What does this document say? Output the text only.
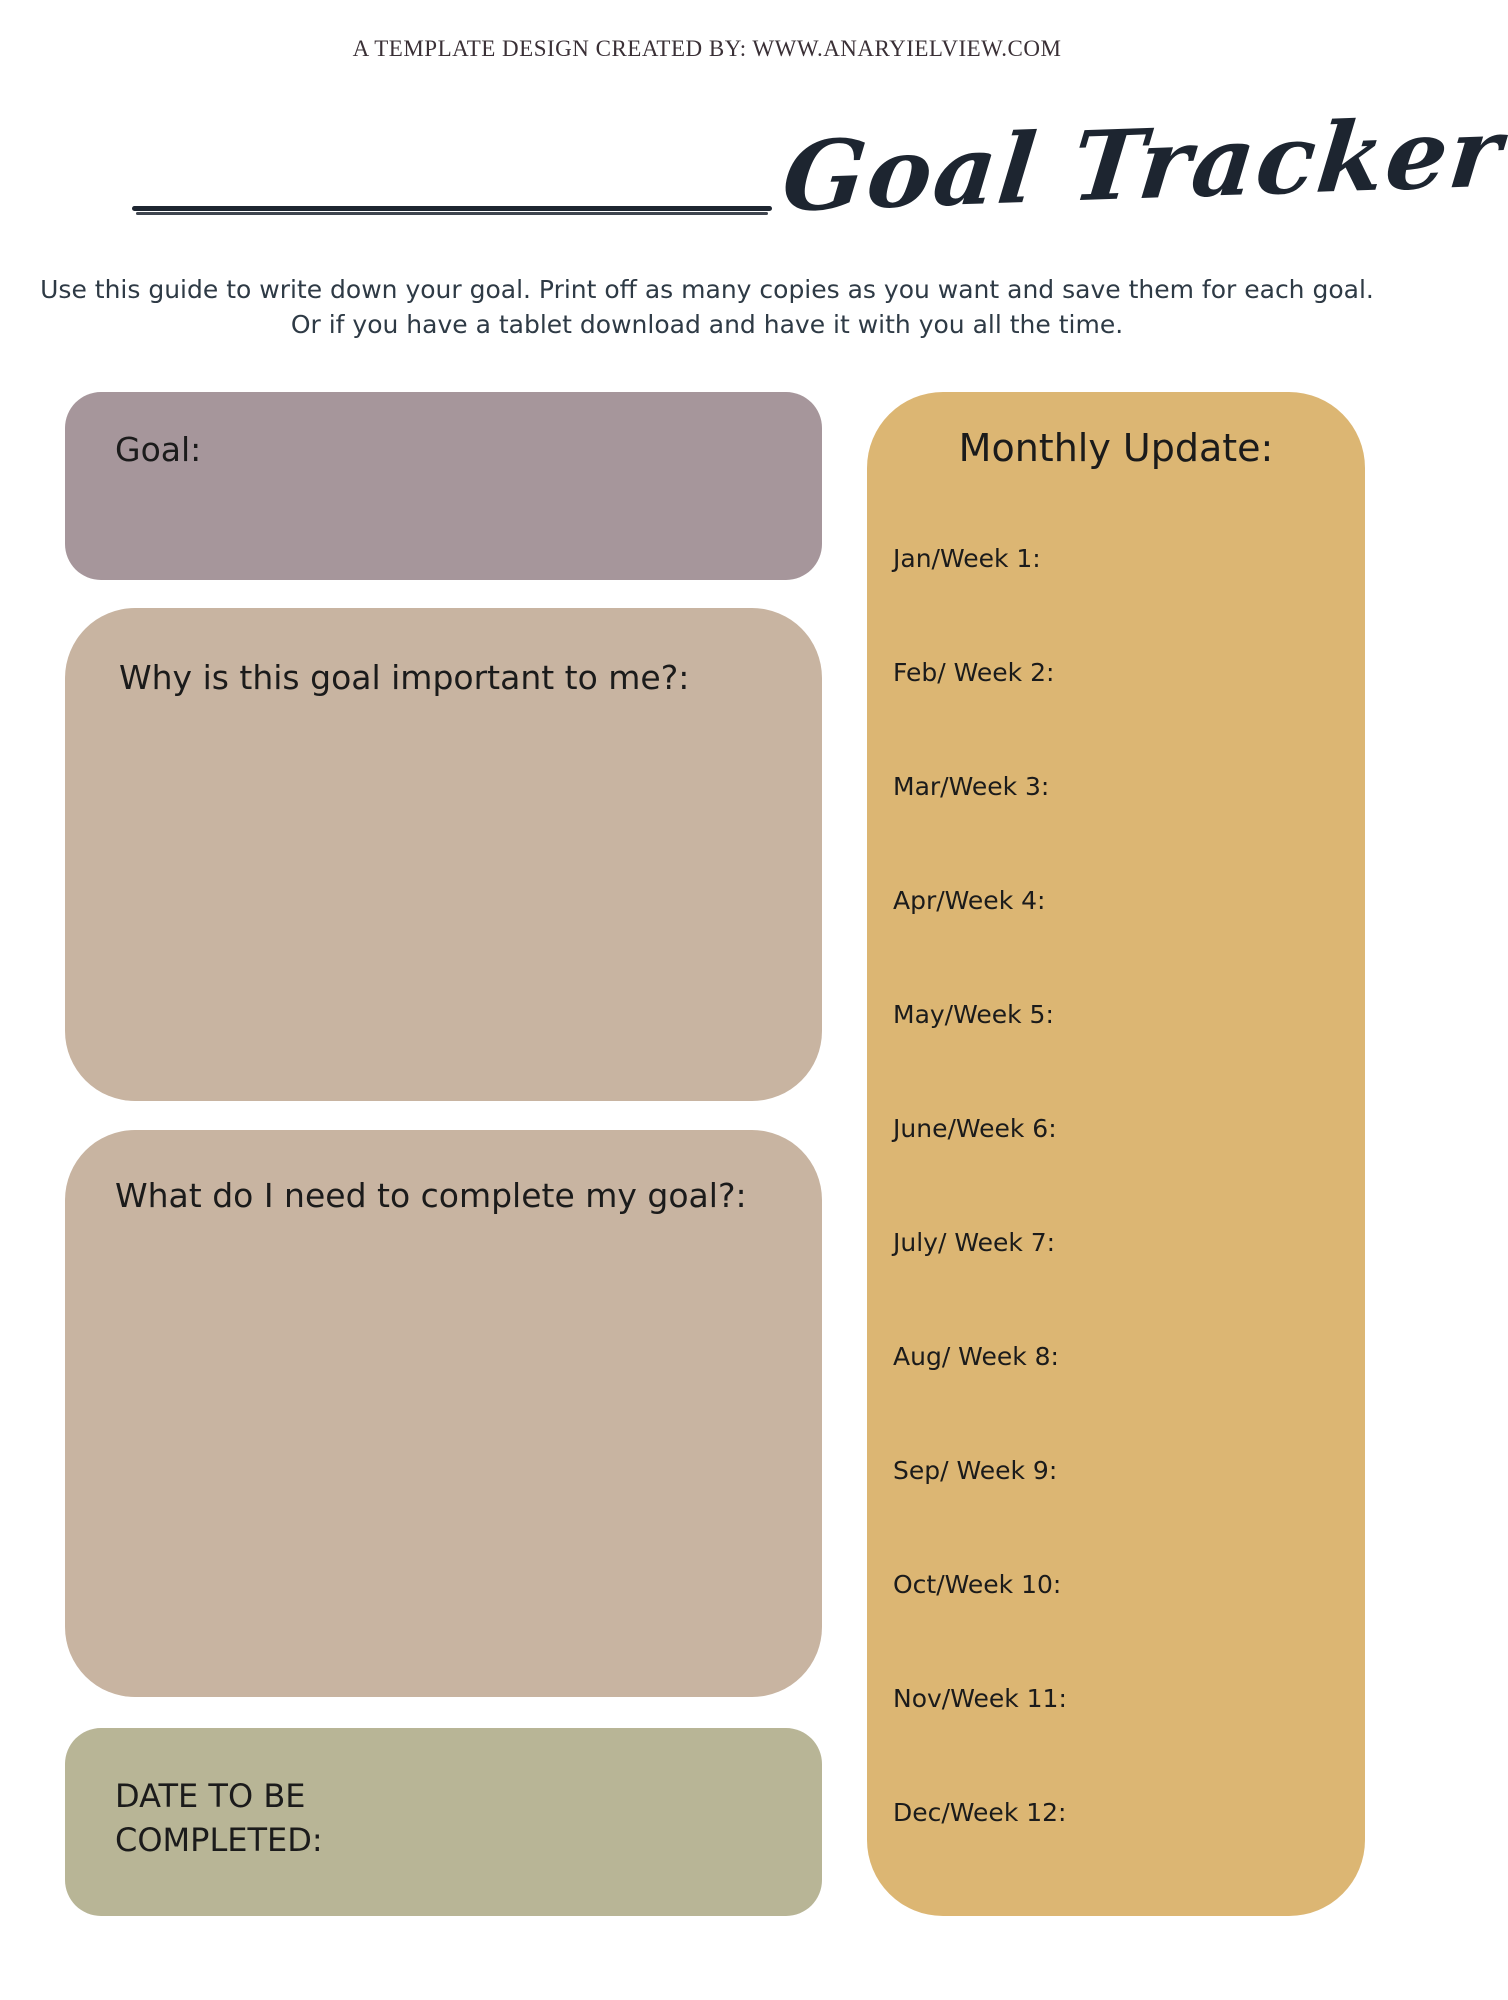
A TEMPLATE DESIGN CREATED BY: WWW.ANARYIELVIEW.COM
Goal Tracker
Use this guide to write down your goal. Print off as many copies as you want and save them for each goal.
Or if you have a tablet download and have it with you all the time.
Goal:
Why is this goal important to me?:
What do I need to complete my goal?:
DATE TO BE
COMPLETED:
Monthly Update:
Jan/Week 1:
Feb/ Week 2:
Mar/Week 3:
Apr/Week 4:
May/Week 5:
June/Week 6:
July/ Week 7:
Aug/ Week 8:
Sep/ Week 9:
Oct/Week 10:
Nov/Week 11:
Dec/Week 12:
